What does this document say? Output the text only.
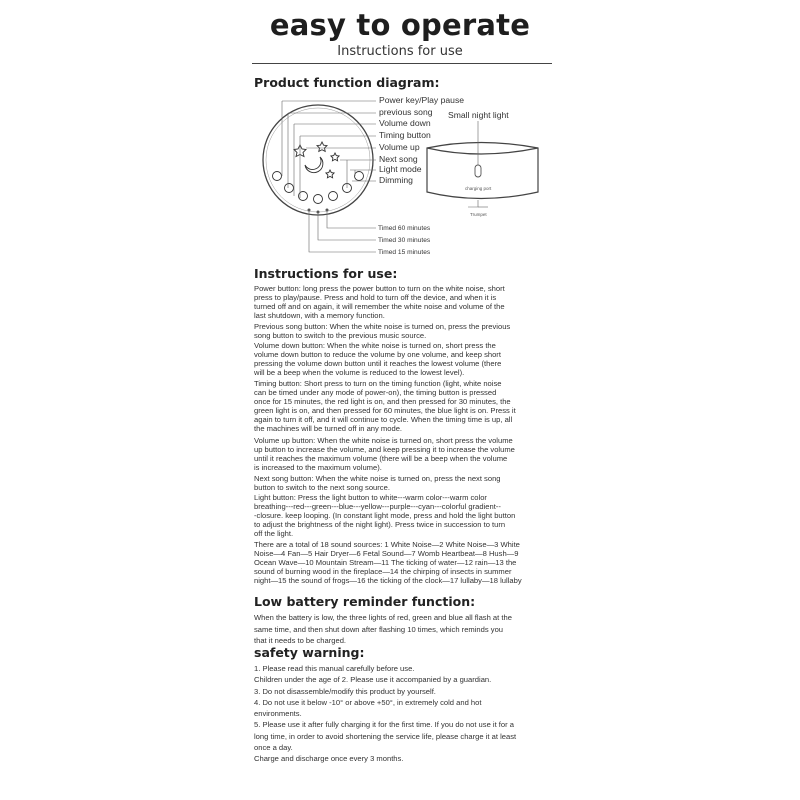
easy to operate
Instructions for use
Product function diagram:
Power key/Play pause
previous song
Volume down
Timing button
Volume up
Next song
Light mode
Dimming
Timed 60 minutes
Timed 30 minutes
Timed 15 minutes
Small night light
charging port
Trumpet
Instructions for use:
Power button: long press the power button to turn on the white noise, short
press to play/pause. Press and hold to turn off the device, and when it is
turned off and on again, it will remember the white noise and volume of the
last shutdown, with a memory function.
Previous song button: When the white noise is turned on, press the previous
song button to switch to the previous music source.
Volume down button: When the white noise is turned on, short press the
volume down button to reduce the volume by one volume, and keep short
pressing the volume down button until it reaches the lowest volume (there
will be a beep when the volume is reduced to the lowest level).
Timing button: Short press to turn on the timing function (light, white noise
can be timed under any mode of power-on), the timing button is pressed
once for 15 minutes, the red light is on, and then pressed for 30 minutes, the
green light is on, and then pressed for 60 minutes, the blue light is on. Press it
again to turn it off, and it will continue to cycle. When the timing time is up, all
the machines will be turned off in any mode.
Volume up button: When the white noise is turned on, short press the volume
up button to increase the volume, and keep pressing it to increase the volume
until it reaches the maximum volume (there will be a beep when the volume
is increased to the maximum volume).
Next song button: When the white noise is turned on, press the next song
button to switch to the next song source.
Light button: Press the light button to white---warm color---warm color
breathing---red---green---blue---yellow---purple---cyan---colorful gradient--
-closure. keep looping. (In constant light mode, press and hold the light button
to adjust the brightness of the night light). Press twice in succession to turn
off the light.
There are a total of 18 sound sources: 1 White Noise—2 White Noise—3 White
Noise—4 Fan—5 Hair Dryer—6 Fetal Sound—7 Womb Heartbeat—8 Hush—9
Ocean Wave—10 Mountain Stream—11 The ticking of water—12 rain—13 the
sound of burning wood in the fireplace—14 the chirping of insects in summer
night—15 the sound of frogs—16 the ticking of the clock—17 lullaby—18 lullaby
Low battery reminder function:
When the battery is low, the three lights of red, green and blue all flash at the
same time, and then shut down after flashing 10 times, which reminds you
that it needs to be charged.
safety warning:
1. Please read this manual carefully before use.
Children under the age of 2. Please use it accompanied by a guardian.
3. Do not disassemble/modify this product by yourself.
4. Do not use it below -10° or above +50°, in extremely cold and hot
environments.
5. Please use it after fully charging it for the first time. If you do not use it for a
long time, in order to avoid shortening the service life, please charge it at least
once a day.
Charge and discharge once every 3 months.
